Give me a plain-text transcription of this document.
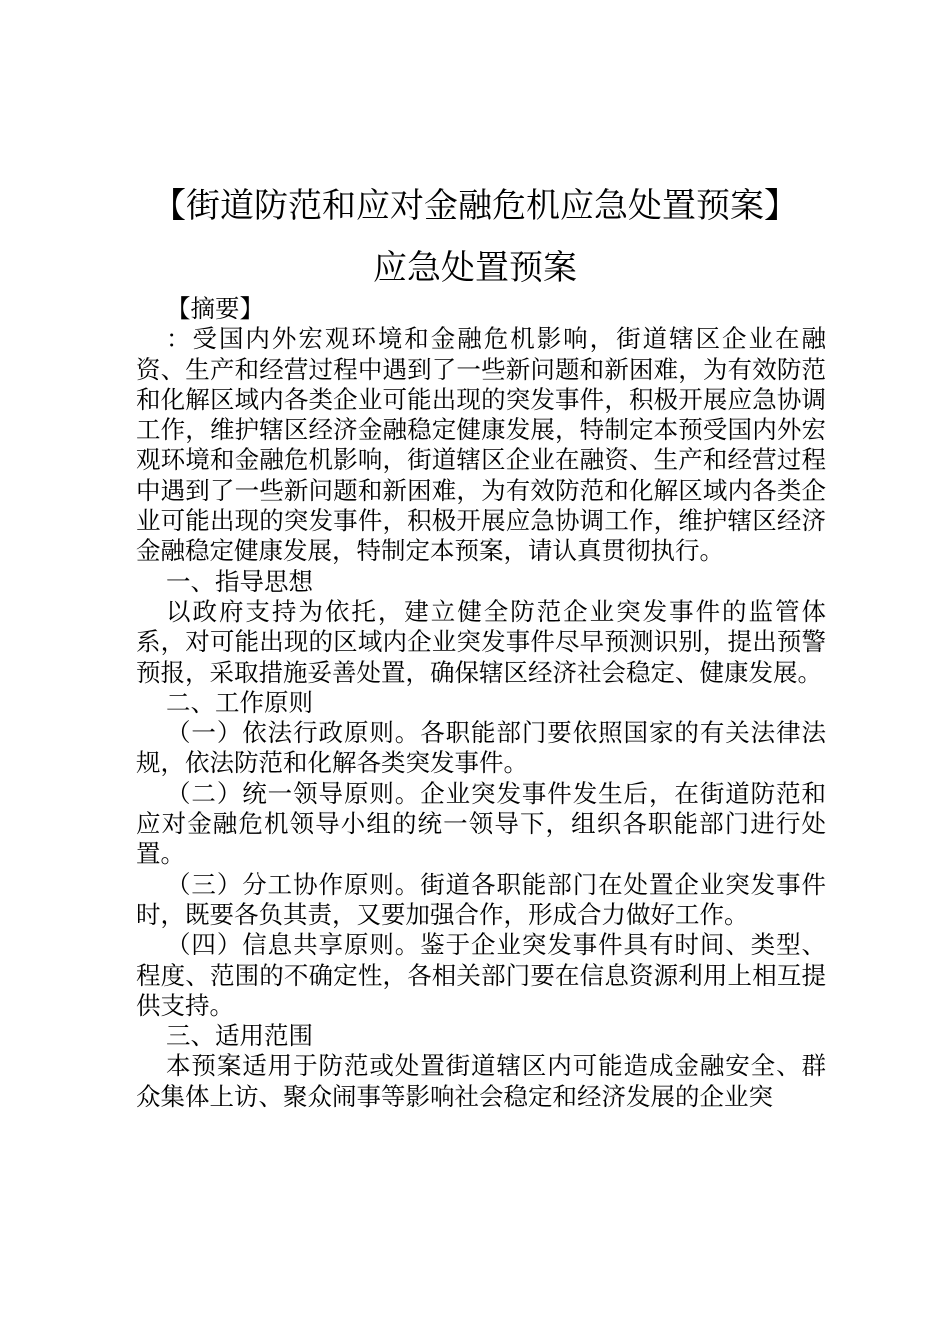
【街道防范和应对金融危机应急处置预案】
应急处置预案

【摘要】

：受国内外宏观环境和金融危机影响，街道辖区企业在融资、生产和经营过程中遇到了一些新问题和新困难，为有效防范和化解区域内各类企业可能出现的突发事件，积极开展应急协调工作，维护辖区经济金融稳定健康发展，特制定本预受国内外宏观环境和金融危机影响，街道辖区企业在融资、生产和经营过程中遇到了一些新问题和新困难，为有效防范和化解区域内各类企业可能出现的突发事件，积极开展应急协调工作，维护辖区经济金融稳定健康发展，特制定本预案，请认真贯彻执行。

一、指导思想

以政府支持为依托，建立健全防范企业突发事件的监管体系，对可能出现的区域内企业突发事件尽早预测识别，提出预警预报，采取措施妥善处置，确保辖区经济社会稳定、健康发展。

二、工作原则

（一）依法行政原则。各职能部门要依照国家的有关法律法规，依法防范和化解各类突发事件。

（二）统一领导原则。企业突发事件发生后，在街道防范和应对金融危机领导小组的统一领导下，组织各职能部门进行处置。

（三）分工协作原则。街道各职能部门在处置企业突发事件时，既要各负其责，又要加强合作，形成合力做好工作。

（四）信息共享原则。鉴于企业突发事件具有时间、类型、程度、范围的不确定性，各相关部门要在信息资源利用上相互提供支持。

三、适用范围

本预案适用于防范或处置街道辖区内可能造成金融安全、群众集体上访、聚众闹事等影响社会稳定和经济发展的企业突
